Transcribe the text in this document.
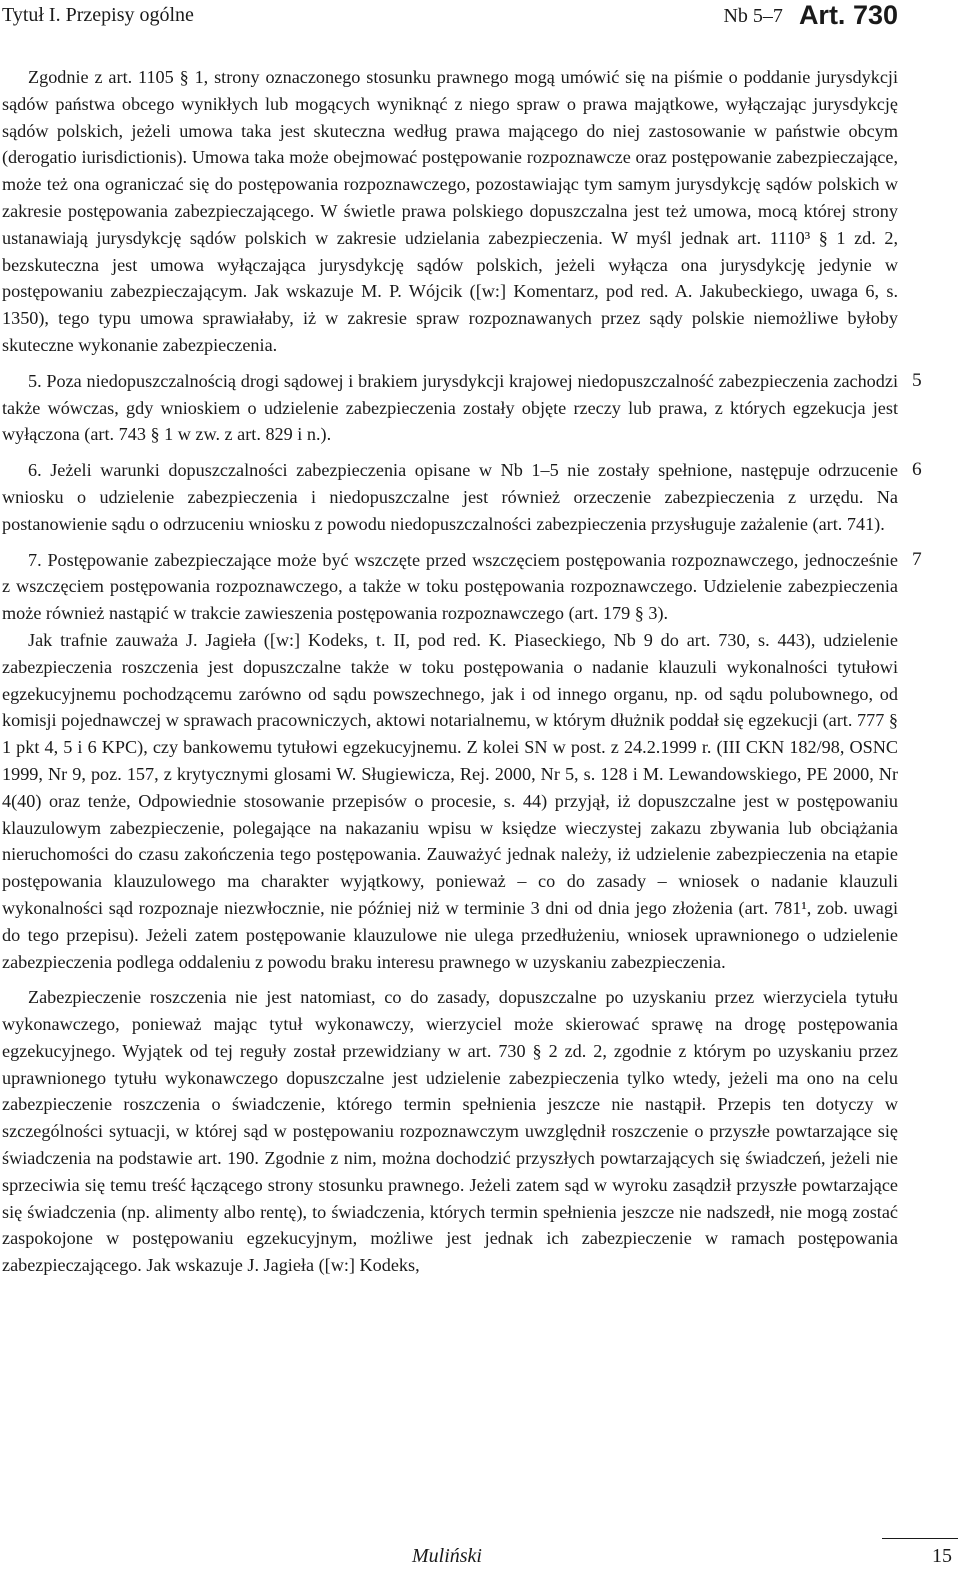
Tytuł I. Przepisy ogólne	Nb 5–7 Art. 730

Zgodnie z art. 1105 § 1, strony oznaczonego stosunku prawnego mogą umówić się na piśmie o poddanie jurysdykcji sądów państwa obcego wynikłych lub mogących wyniknąć z niego spraw o prawa majątkowe, wyłączając jurysdykcję sądów polskich, jeżeli umowa taka jest skuteczna według prawa mającego do niej zastosowanie w państwie obcym (derogatio iurisdictionis). Umowa taka może obejmować postępowanie rozpoznawcze oraz postępowanie zabezpieczające, może też ona ograniczać się do postępowania rozpoznawczego, pozostawiając tym samym jurysdykcję sądów polskich w zakresie postępowania zabezpieczającego. W świetle prawa polskiego dopuszczalna jest też umowa, mocą której strony ustanawiają jurysdykcję sądów polskich w zakresie udzielania zabezpieczenia. W myśl jednak art. 1110³ § 1 zd. 2, bezskuteczna jest umowa wyłączająca jurysdykcję sądów polskich, jeżeli wyłącza ona jurysdykcję jedynie w postępowaniu zabezpieczającym. Jak wskazuje M. P. Wójcik ([w:] Komentarz, pod red. A. Jakubeckiego, uwaga 6, s. 1350), tego typu umowa sprawiałaby, iż w zakresie spraw rozpoznawanych przez sądy polskie niemożliwe byłoby skuteczne wykonanie zabezpieczenia.

5

5. Poza niedopuszczalnością drogi sądowej i brakiem jurysdykcji krajowej niedopuszczalność zabezpieczenia zachodzi także wówczas, gdy wnioskiem o udzielenie zabezpieczenia zostały objęte rzeczy lub prawa, z których egzekucja jest wyłączona (art. 743 § 1 w zw. z art. 829 i n.).

6

6. Jeżeli warunki dopuszczalności zabezpieczenia opisane w Nb 1–5 nie zostały spełnione, następuje odrzucenie wniosku o udzielenie zabezpieczenia i niedopuszczalne jest również orzeczenie zabezpieczenia z urzędu. Na postanowienie sądu o odrzuceniu wniosku z powodu niedopuszczalności zabezpieczenia przysługuje zażalenie (art. 741).

7

7. Postępowanie zabezpieczające może być wszczęte przed wszczęciem postępowania rozpoznawczego, jednocześnie z wszczęciem postępowania rozpoznawczego, a także w toku postępowania rozpoznawczego. Udzielenie zabezpieczenia może również nastąpić w trakcie zawieszenia postępowania rozpoznawczego (art. 179 § 3).

Jak trafnie zauważa J. Jagieła ([w:] Kodeks, t. II, pod red. K. Piaseckiego, Nb 9 do art. 730, s. 443), udzielenie zabezpieczenia roszczenia jest dopuszczalne także w toku postępowania o nadanie klauzuli wykonalności tytułowi egzekucyjnemu pochodzącemu zarówno od sądu powszechnego, jak i od innego organu, np. od sądu polubownego, od komisji pojednawczej w sprawach pracowniczych, aktowi notarialnemu, w którym dłużnik poddał się egzekucji (art. 777 § 1 pkt 4, 5 i 6 KPC), czy bankowemu tytułowi egzekucyjnemu. Z kolei SN w post. z 24.2.1999 r. (III CKN 182/98, OSNC 1999, Nr 9, poz. 157, z krytycznymi glosami W. Sługiewicza, Rej. 2000, Nr 5, s. 128 i M. Lewandowskiego, PE 2000, Nr 4(40) oraz tenże, Odpowiednie stosowanie przepisów o procesie, s. 44) przyjął, iż dopuszczalne jest w postępowaniu klauzulowym zabezpieczenie, polegające na nakazaniu wpisu w księdze wieczystej zakazu zbywania lub obciążania nieruchomości do czasu zakończenia tego postępowania. Zauważyć jednak należy, iż udzielenie zabezpieczenia na etapie postępowania klauzulowego ma charakter wyjątkowy, ponieważ – co do zasady – wniosek o nadanie klauzuli wykonalności sąd rozpoznaje niezwłocznie, nie później niż w terminie 3 dni od dnia jego złożenia (art. 781¹, zob. uwagi do tego przepisu). Jeżeli zatem postępowanie klauzulowe nie ulega przedłużeniu, wniosek uprawnionego o udzielenie zabezpieczenia podlega oddaleniu z powodu braku interesu prawnego w uzyskaniu zabezpieczenia.

Zabezpieczenie roszczenia nie jest natomiast, co do zasady, dopuszczalne po uzyskaniu przez wierzyciela tytułu wykonawczego, ponieważ mając tytuł wykonawczy, wierzyciel może skierować sprawę na drogę postępowania egzekucyjnego. Wyjątek od tej reguły został przewidziany w art. 730 § 2 zd. 2, zgodnie z którym po uzyskaniu przez uprawnionego tytułu wykonawczego dopuszczalne jest udzielenie zabezpieczenia tylko wtedy, jeżeli ma ono na celu zabezpieczenie roszczenia o świadczenie, którego termin spełnienia jeszcze nie nastąpił. Przepis ten dotyczy w szczególności sytuacji, w której sąd w postępowaniu rozpoznawczym uwzględnił roszczenie o przyszłe powtarzające się świadczenia na podstawie art. 190. Zgodnie z nim, można dochodzić przyszłych powtarzających się świadczeń, jeżeli nie sprzeciwia się temu treść łączącego strony stosunku prawnego. Jeżeli zatem sąd w wyroku zasądził przyszłe powtarzające się świadczenia (np. alimenty albo rentę), to świadczenia, których termin spełnienia jeszcze nie nadszedł, nie mogą zostać zaspokojone w postępowaniu egzekucyjnym, możliwe jest jednak ich zabezpieczenie w ramach postępowania zabezpieczającego. Jak wskazuje J. Jagieła ([w:] Kodeks,

Muliński	15
